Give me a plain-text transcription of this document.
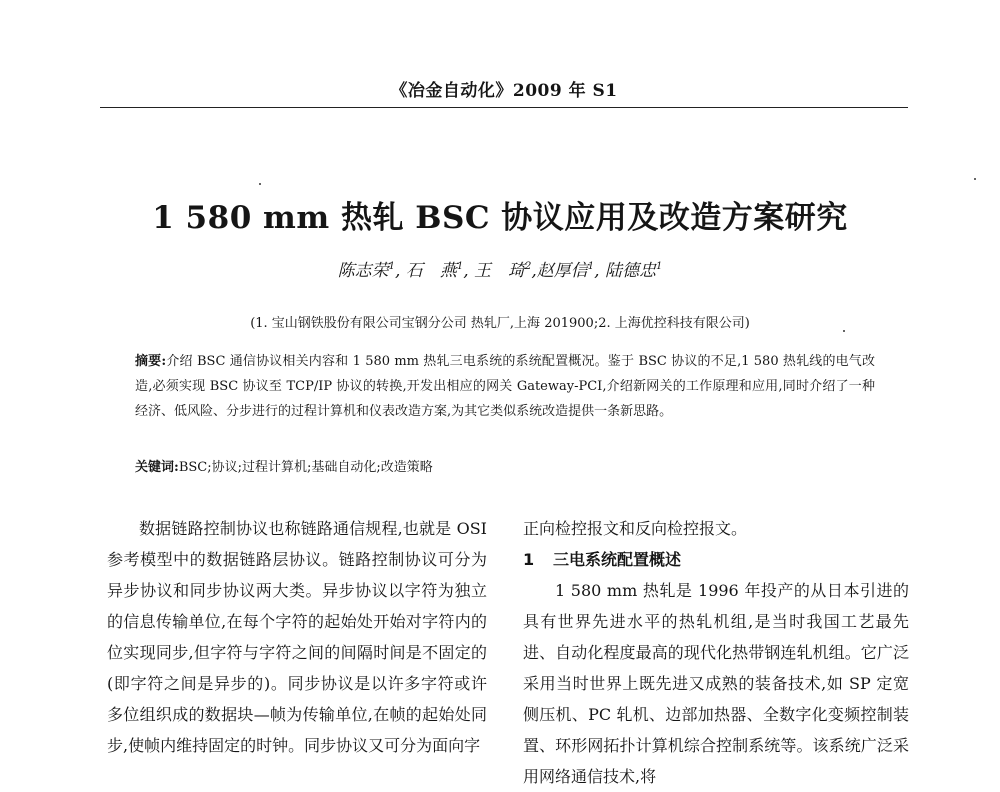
《冶金自动化》2009 年 S1
1 580 mm 热轧 BSC 协议应用及改造方案研究
陈志荣$^1$, 石　燕$^1$, 王　琦$^2$,赵厚信$^1$, 陆德忠$^1$
(1. 宝山钢铁股份有限公司宝钢分公司 热轧厂,上海 201900;2. 上海优控科技有限公司)
摘要:介绍 BSC 通信协议相关内容和 1 580 mm 热轧三电系统的系统配置概况。鉴于 BSC 协议的不足,1 580 热轧线的电气改造,必须实现 BSC 协议至 TCP/IP 协议的转换,开发出相应的网关 Gateway-PCI,介绍新网关的工作原理和应用,同时介绍了一种经济、低风险、分步进行的过程计算机和仪表改造方案,为其它类似系统改造提供一条新思路。
关键词:BSC;协议;过程计算机;基础自动化;改造策略

数据链路控制协议也称链路通信规程,也就是 OSI 参考模型中的数据链路层协议。链路控制协议可分为异步协议和同步协议两大类。异步协议以字符为独立的信息传输单位,在每个字符的起始处开始对字符内的位实现同步,但字符与字符之间的间隔时间是不固定的(即字符之间是异步的)。同步协议是以许多字符或许多位组织成的数据块—帧为传输单位,在帧的起始处同步,使帧内维持固定的时钟。同步协议又可分为面向字

正向检控报文和反向检控报文。

1 三电系统配置概述

1 580 mm 热轧是 1996 年投产的从日本引进的具有世界先进水平的热轧机组,是当时我国工艺最先进、自动化程度最高的现代化热带钢连轧机组。它广泛采用当时世界上既先进又成熟的装备技术,如 SP 定宽侧压机、PC 轧机、边部加热器、全数字化变频控制装置、环形网拓扑计算机综合控制系统等。该系统广泛采用网络通信技术,将
